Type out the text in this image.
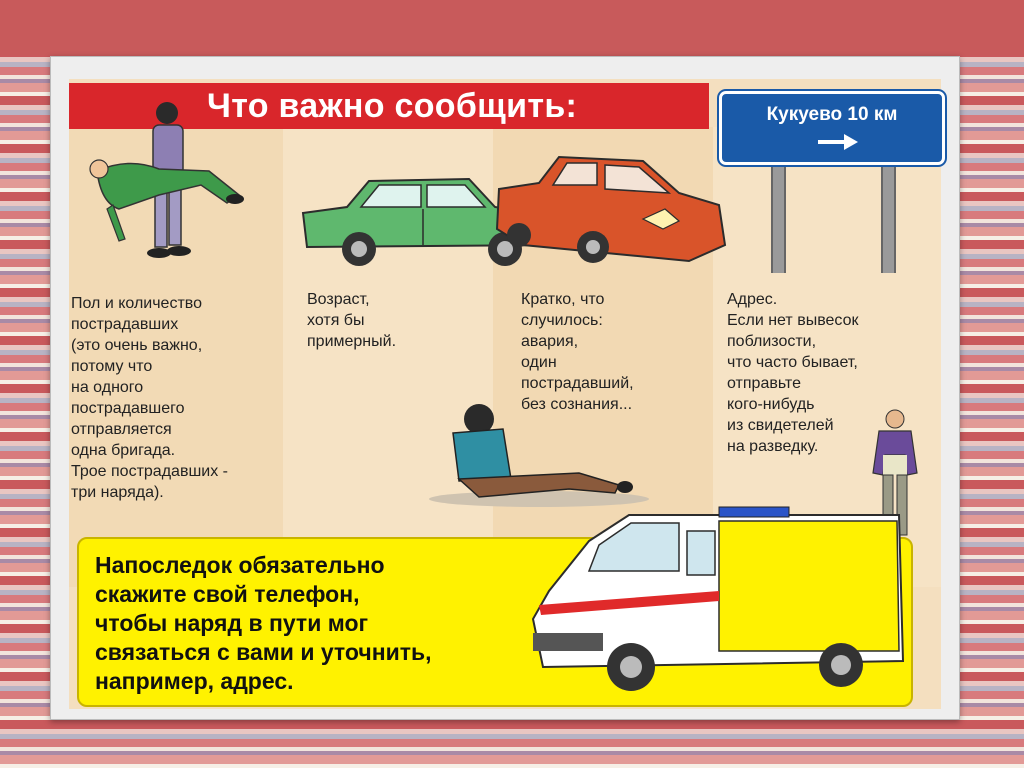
Что важно сообщить:	Кукуево 10 км
Пол и количество
пострадавших
(это очень важно,
потому что
на одного
пострадавшего
отправляется
одна бригада.
Трое пострадавших -
три наряда).
Возраст,
хотя бы
примерный.
Кратко, что
случилось:
авария,
один
пострадавший,
без сознания...
Адрес.
Если нет вывесок
поблизости,
что часто бывает,
отправьте
кого-нибудь
из свидетелей
на разведку.
Напоследок обязательно
скажите свой телефон,
чтобы наряд в пути мог
связаться с вами и уточнить,
например, адрес.
